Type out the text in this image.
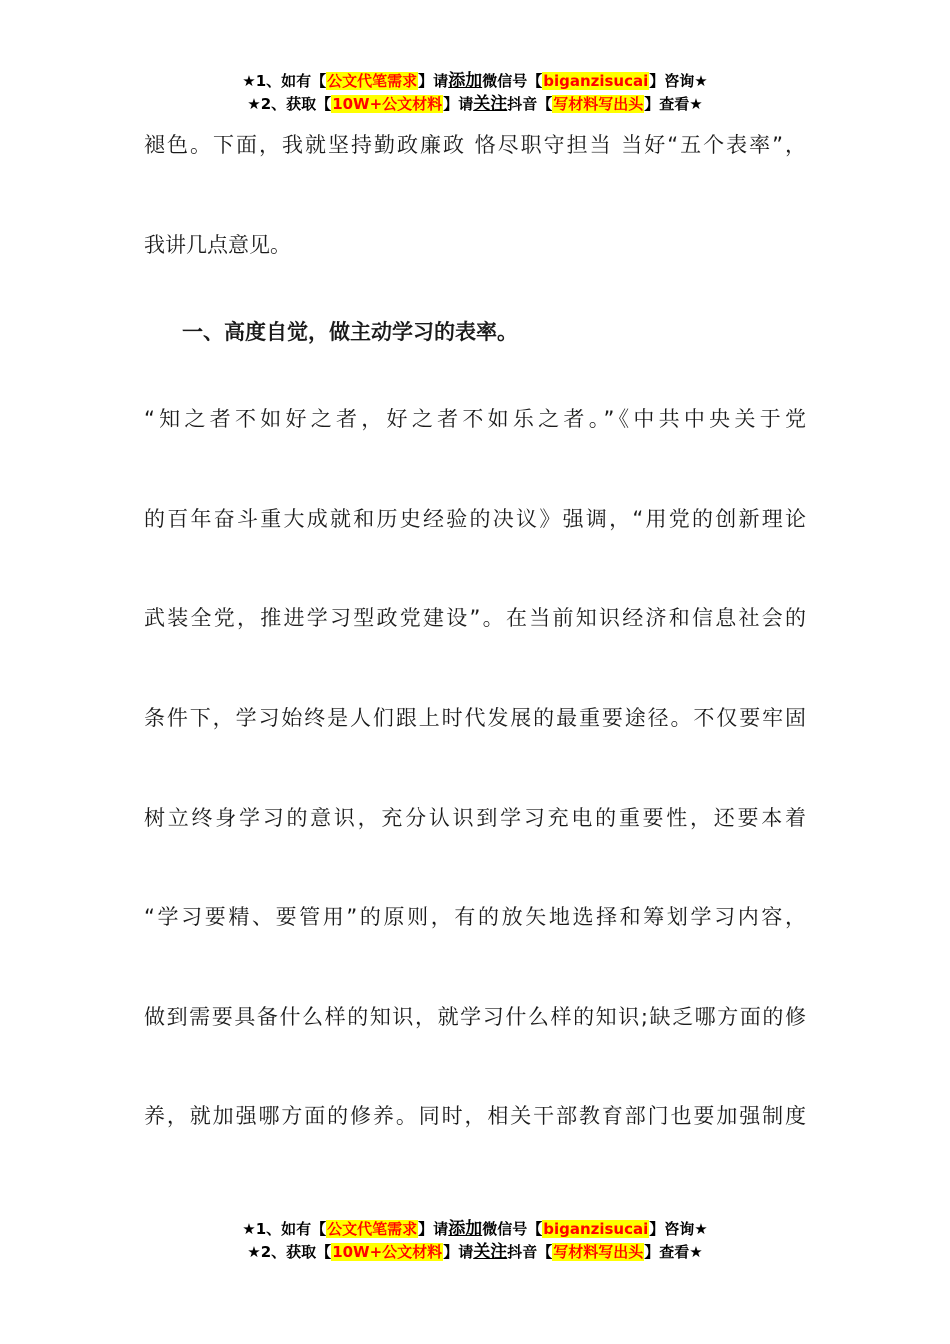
★1、如有【公文代笔需求】请添加微信号【biganzisucai】咨询★
★2、获取【10W+公文材料】请关注抖音【写材料写出头】查看★
褪色。下面，我就坚持勤政廉政 恪尽职守担当 当好“五个表率”，
我讲几点意见。
一、高度自觉，做主动学习的表率。
“知之者不如好之者，好之者不如乐之者。”《中共中央关于党
的百年奋斗重大成就和历史经验的决议》强调，“用党的创新理论
武装全党，推进学习型政党建设”。在当前知识经济和信息社会的
条件下，学习始终是人们跟上时代发展的最重要途径。不仅要牢固
树立终身学习的意识，充分认识到学习充电的重要性，还要本着
“学习要精、要管用”的原则，有的放矢地选择和筹划学习内容，
做到需要具备什么样的知识，就学习什么样的知识;缺乏哪方面的修
养，就加强哪方面的修养。同时，相关干部教育部门也要加强制度
★1、如有【公文代笔需求】请添加微信号【biganzisucai】咨询★
★2、获取【10W+公文材料】请关注抖音【写材料写出头】查看★
